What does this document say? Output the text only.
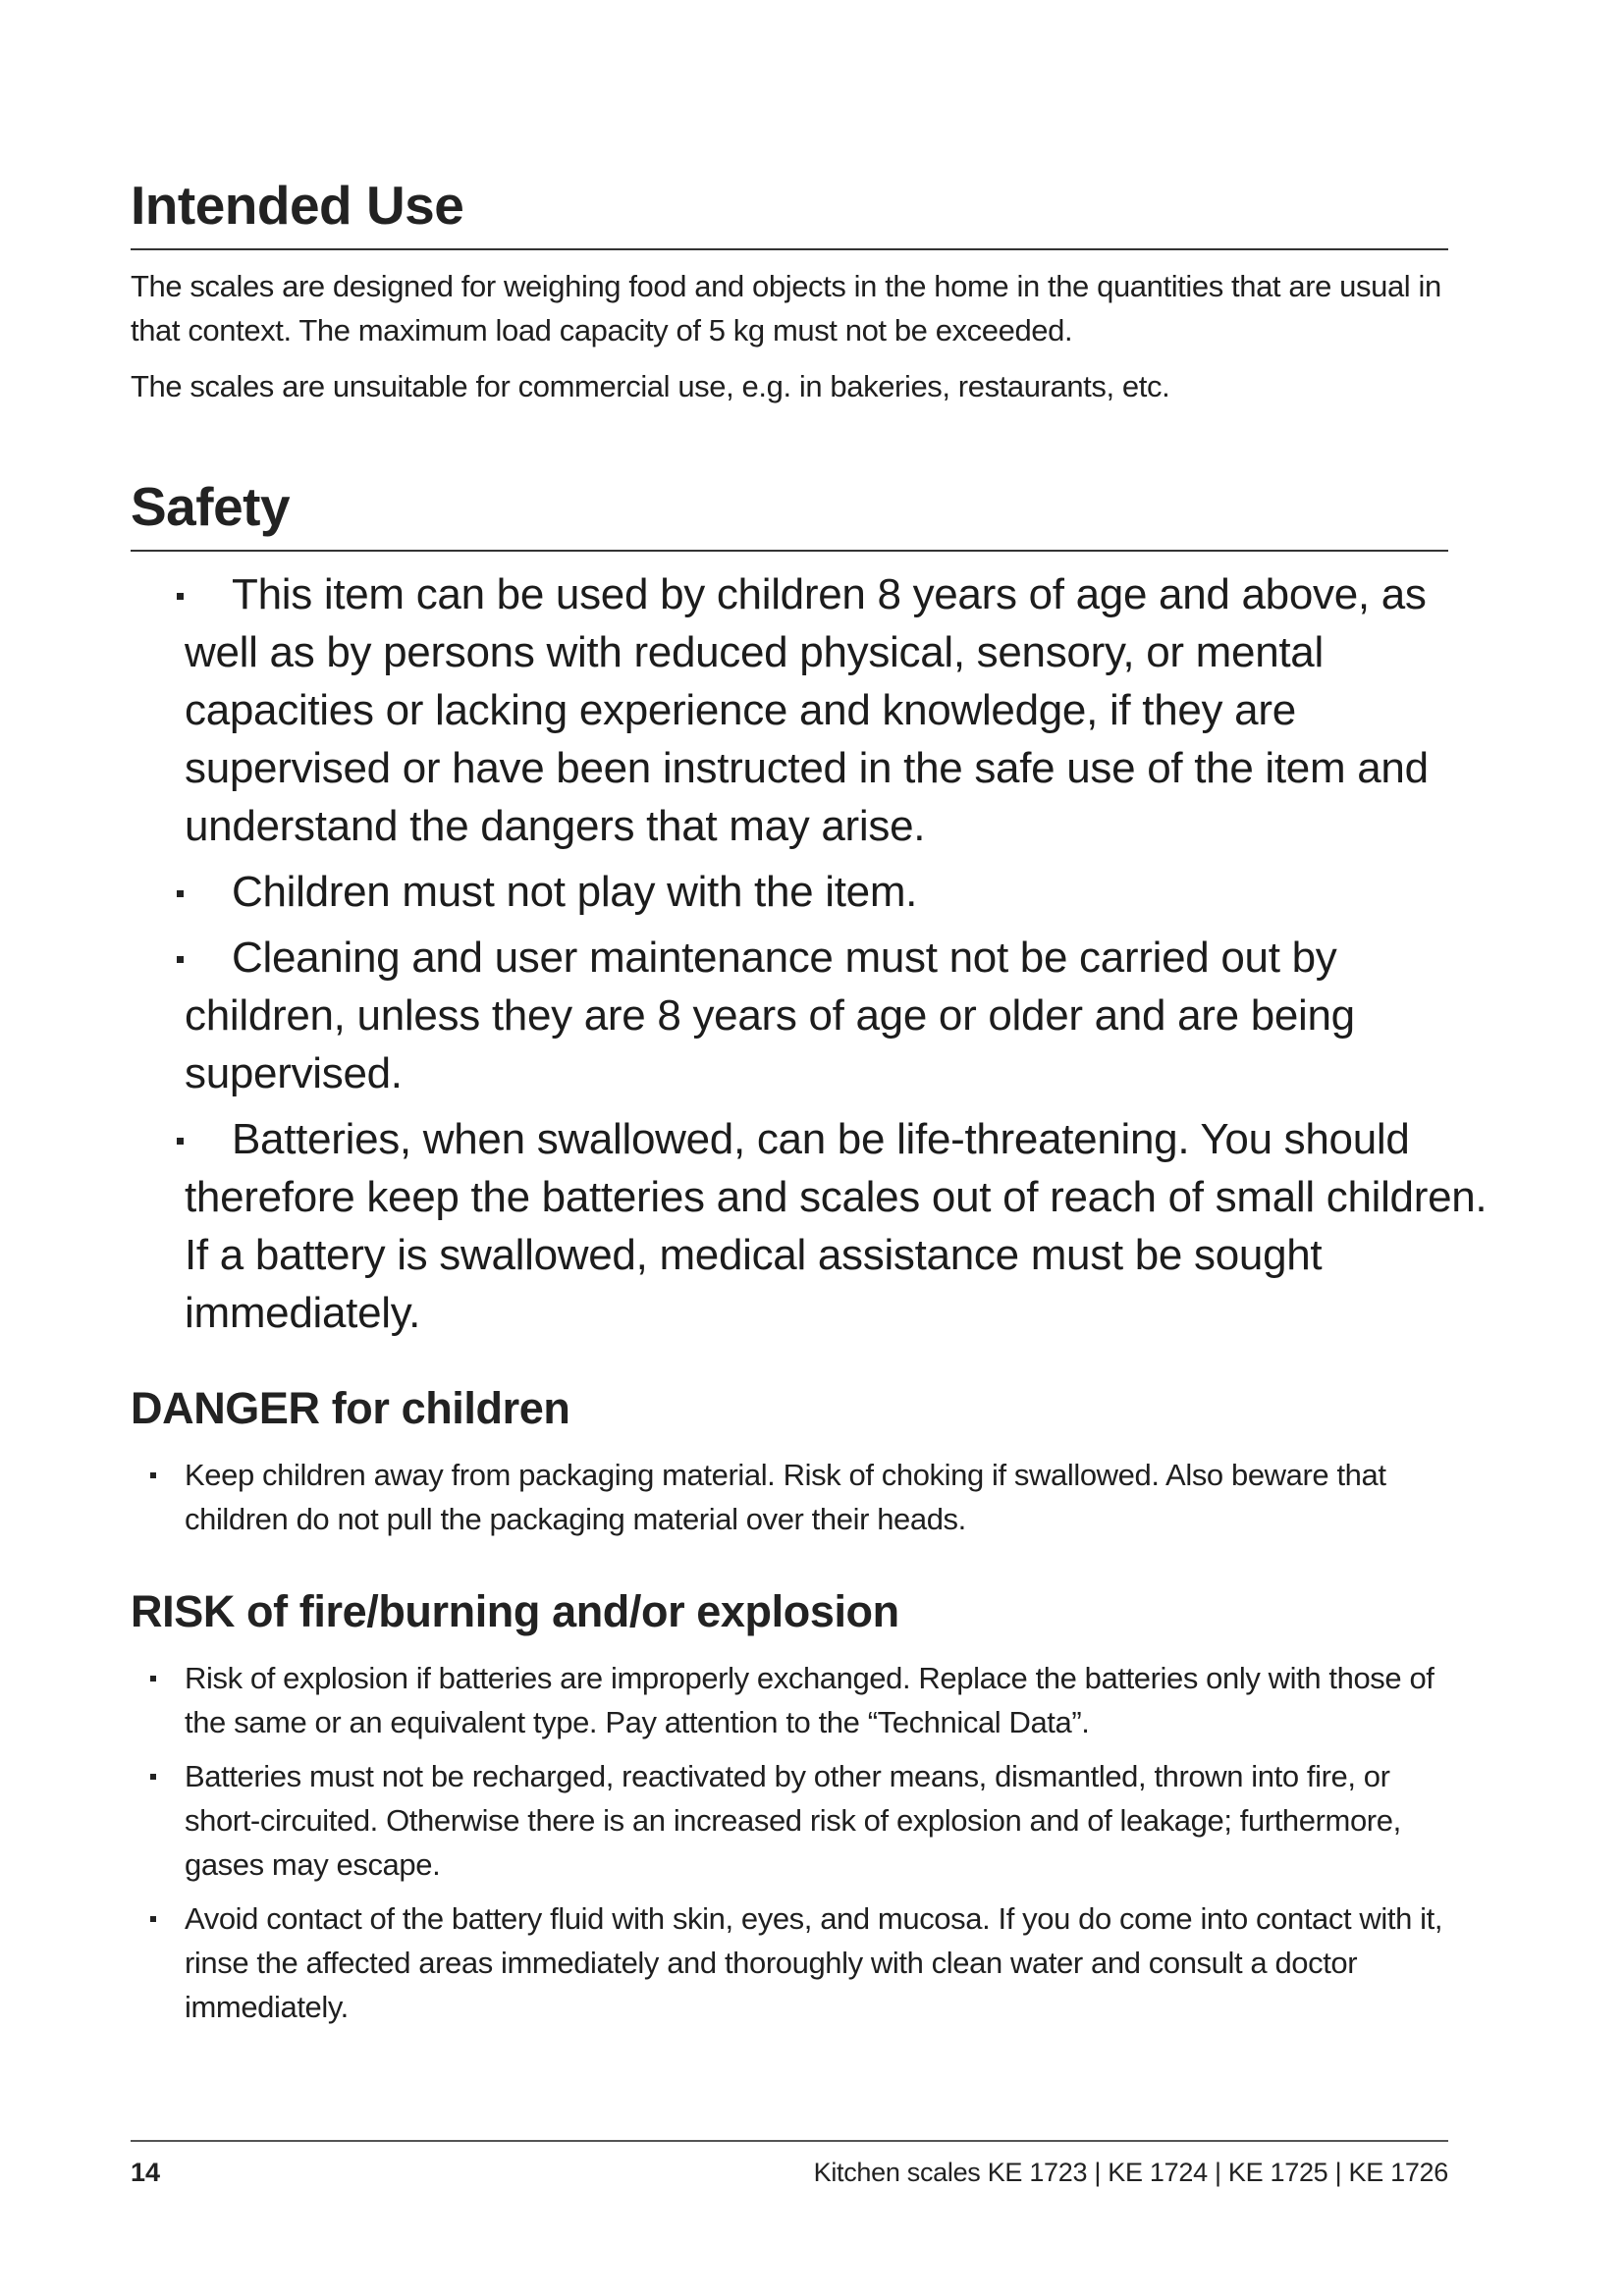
Intended Use

The scales are designed for weighing food and objects in the home in the quantities that are usual in that context. The maximum load capacity of 5 kg must not be exceeded.

The scales are unsuitable for commercial use, e.g. in bakeries, restaurants, etc.

Safety
This item can be used by children 8 years of age and above, as well as by persons with reduced physical, sensory, or mental capacities or lacking experience and knowledge, if they are supervised or have been instructed in the safe use of the item and understand the dangers that may arise.
Children must not play with the item.
Cleaning and user maintenance must not be carried out by children, unless they are 8 years of age or older and are being supervised.
Batteries, when swallowed, can be life-threatening. You should therefore keep the batteries and scales out of reach of small children. If a battery is swallowed, medical assistance must be sought immediately.
DANGER for children
Keep children away from packaging material. Risk of choking if swallowed. Also beware that children do not pull the packaging material over their heads.
RISK of fire/burning and/or explosion
Risk of explosion if batteries are improperly exchanged. Replace the batteries only with those of the same or an equivalent type. Pay attention to the “Technical Data”.
Batteries must not be recharged, reactivated by other means, dismantled, thrown into fire, or short-circuited. Otherwise there is an increased risk of explosion and of leakage; furthermore, gases may escape.
Avoid contact of the battery fluid with skin, eyes, and mucosa. If you do come into contact with it, rinse the affected areas immediately and thoroughly with clean water and consult a doctor immediately.
14	Kitchen scales KE 1723 | KE 1724 | KE 1725 | KE 1726
